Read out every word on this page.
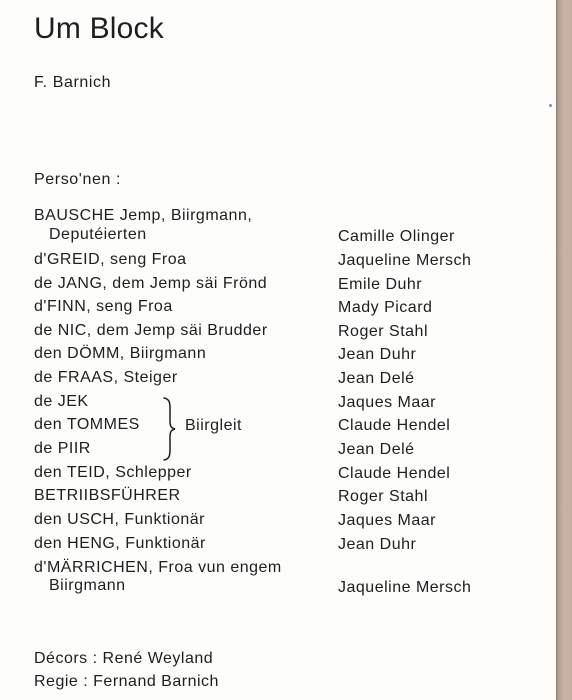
Um Block
F. Barnich
Perso'nen :
BAUSCHE Jemp, Biirgmann,
Deputéierten	Camille Olinger
d'GREID, seng Froa	Jaqueline Mersch
de JANG, dem Jemp säi Frönd	Emile Duhr
d'FINN, seng Froa	Mady Picard
de NIC, dem Jemp säi Brudder	Roger Stahl
den DÖMM, Biirgmann	Jean Duhr
de FRAAS, Steiger	Jean Delé
de JEK	Jaques Maar
den TOMMES	Claude Hendel
de PIIR	Jean Delé
Biirgleit
den TEID, Schlepper	Claude Hendel
BETRIIBSFÜHRER	Roger Stahl
den USCH, Funktionär	Jaques Maar
den HENG, Funktionär	Jean Duhr
d'MÄRRICHEN, Froa vun engem
Biirgmann	Jaqueline Mersch
Décors : René Weyland
Regie : Fernand Barnich
